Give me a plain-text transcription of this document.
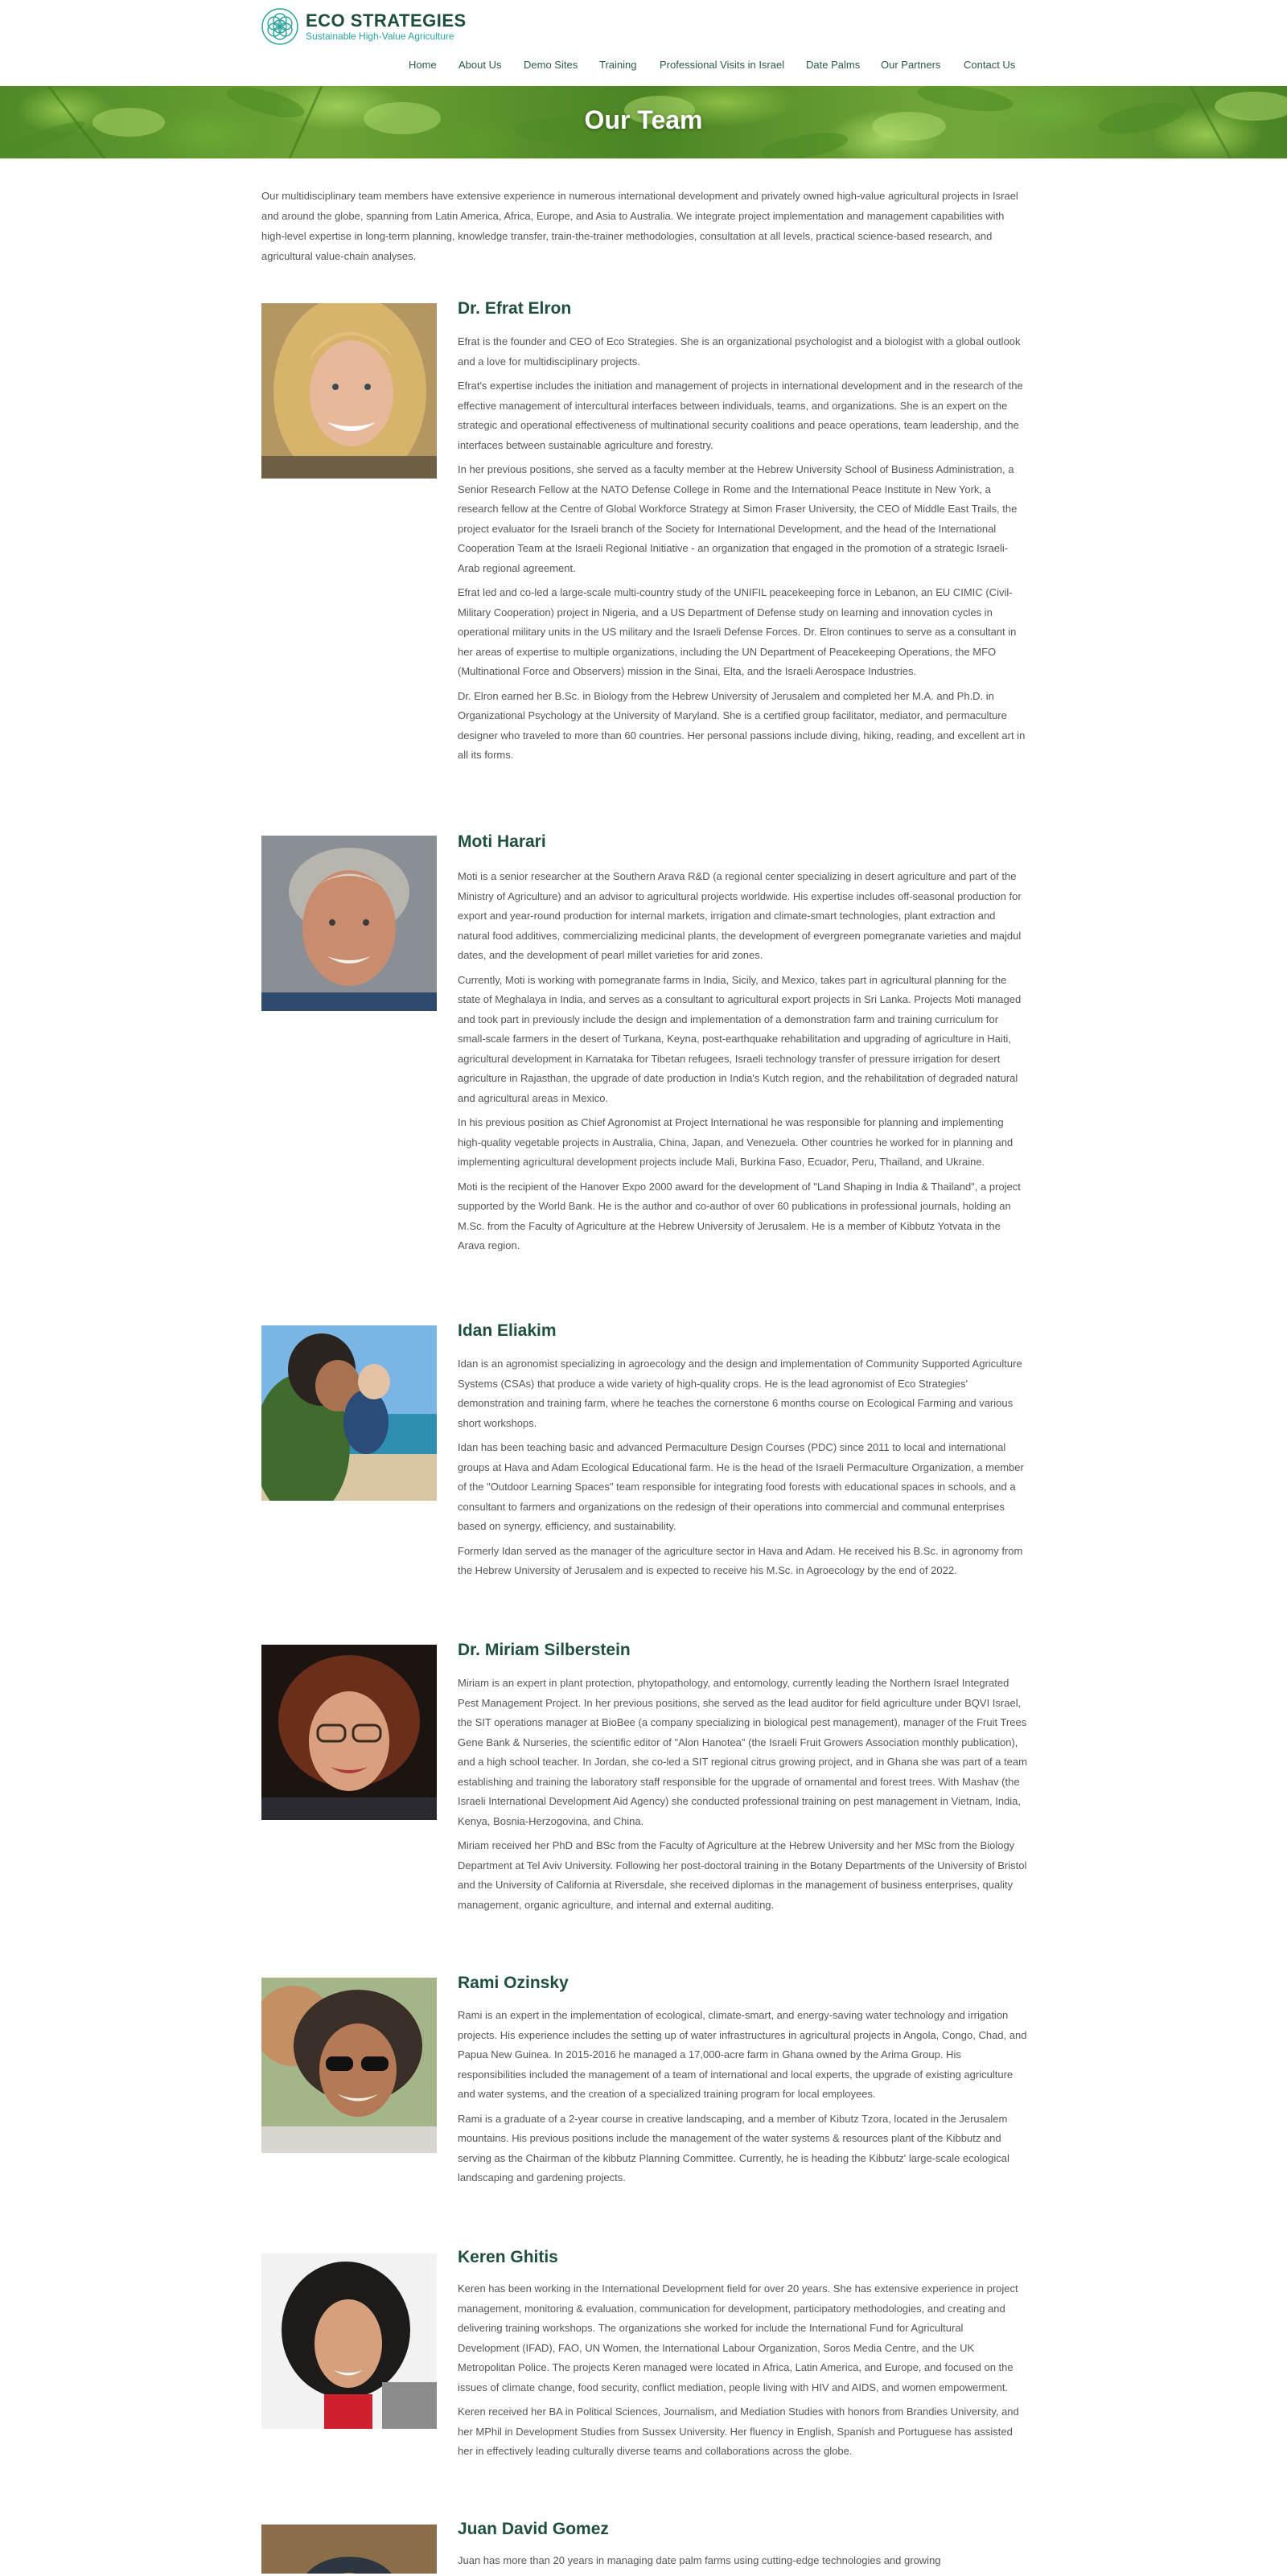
ECO STRATEGIES
Sustainable High-Value Agriculture
Home About Us Demo Sites Training Professional Visits in Israel Date Palms Our Partners Contact Us
Our Team
Our multidisciplinary team members have extensive experience in numerous international development and privately owned high-value agricultural projects in Israel and around the globe, spanning from Latin America, Africa, Europe, and Asia to Australia. We integrate project implementation and management capabilities with high-level expertise in long-term planning, knowledge transfer, train-the-trainer methodologies, consultation at all levels, practical science-based research, and agricultural value-chain analyses.
Dr. Efrat Elron

Efrat is the founder and CEO of Eco Strategies. She is an organizational psychologist and a biologist with a global outlook and a love for multidisciplinary projects.

Efrat's expertise includes the initiation and management of projects in international development and in the research of the effective management of intercultural interfaces between individuals, teams, and organizations. She is an expert on the strategic and operational effectiveness of multinational security coalitions and peace operations, team leadership, and the interfaces between sustainable agriculture and forestry.

In her previous positions, she served as a faculty member at the Hebrew University School of Business Administration, a Senior Research Fellow at the NATO Defense College in Rome and the International Peace Institute in New York, a research fellow at the Centre of Global Workforce Strategy at Simon Fraser University, the CEO of Middle East Trails, the project evaluator for the Israeli branch of the Society for International Development, and the head of the International Cooperation Team at the Israeli Regional Initiative - an organization that engaged in the promotion of a strategic Israeli-Arab regional agreement.

Efrat led and co-led a large-scale multi-country study of the UNIFIL peacekeeping force in Lebanon, an EU CIMIC (Civil-Military Cooperation) project in Nigeria, and a US Department of Defense study on learning and innovation cycles in operational military units in the US military and the Israeli Defense Forces. Dr. Elron continues to serve as a consultant in her areas of expertise to multiple organizations, including the UN Department of Peacekeeping Operations, the MFO (Multinational Force and Observers) mission in the Sinai, Elta, and the Israeli Aerospace Industries.

Dr. Elron earned her B.Sc. in Biology from the Hebrew University of Jerusalem and completed her M.A. and Ph.D. in Organizational Psychology at the University of Maryland. She is a certified group facilitator, mediator, and permaculture designer who traveled to more than 60 countries. Her personal passions include diving, hiking, reading, and excellent art in all its forms.

Moti Harari

Moti is a senior researcher at the Southern Arava R&D (a regional center specializing in desert agriculture and part of the Ministry of Agriculture) and an advisor to agricultural projects worldwide. His expertise includes off-seasonal production for export and year-round production for internal markets, irrigation and climate-smart technologies, plant extraction and natural food additives, commercializing medicinal plants, the development of evergreen pomegranate varieties and majdul dates, and the development of pearl millet varieties for arid zones.

Currently, Moti is working with pomegranate farms in India, Sicily, and Mexico, takes part in agricultural planning for the state of Meghalaya in India, and serves as a consultant to agricultural export projects in Sri Lanka. Projects Moti managed and took part in previously include the design and implementation of a demonstration farm and training curriculum for small-scale farmers in the desert of Turkana, Keyna, post-earthquake rehabilitation and upgrading of agriculture in Haiti, agricultural development in Karnataka for Tibetan refugees, Israeli technology transfer of pressure irrigation for desert agriculture in Rajasthan, the upgrade of date production in India's Kutch region, and the rehabilitation of degraded natural and agricultural areas in Mexico.

In his previous position as Chief Agronomist at Project International he was responsible for planning and implementing high-quality vegetable projects in Australia, China, Japan, and Venezuela. Other countries he worked for in planning and implementing agricultural development projects include Mali, Burkina Faso, Ecuador, Peru, Thailand, and Ukraine.

Moti is the recipient of the Hanover Expo 2000 award for the development of "Land Shaping in India & Thailand", a project supported by the World Bank. He is the author and co-author of over 60 publications in professional journals, holding an M.Sc. from the Faculty of Agriculture at the Hebrew University of Jerusalem. He is a member of Kibbutz Yotvata in the Arava region.

Idan Eliakim

Idan is an agronomist specializing in agroecology and the design and implementation of Community Supported Agriculture Systems (CSAs) that produce a wide variety of high-quality crops. He is the lead agronomist of Eco Strategies' demonstration and training farm, where he teaches the cornerstone 6 months course on Ecological Farming and various short workshops.

Idan has been teaching basic and advanced Permaculture Design Courses (PDC) since 2011 to local and international groups at Hava and Adam Ecological Educational farm. He is the head of the Israeli Permaculture Organization, a member of the "Outdoor Learning Spaces" team responsible for integrating food forests with educational spaces in schools, and a consultant to farmers and organizations on the redesign of their operations into commercial and communal enterprises based on synergy, efficiency, and sustainability.

Formerly Idan served as the manager of the agriculture sector in Hava and Adam. He received his B.Sc. in agronomy from the Hebrew University of Jerusalem and is expected to receive his M.Sc. in Agroecology by the end of 2022.

Dr. Miriam Silberstein

Miriam is an expert in plant protection, phytopathology, and entomology, currently leading the Northern Israel Integrated Pest Management Project. In her previous positions, she served as the lead auditor for field agriculture under BQVI Israel, the SIT operations manager at BioBee (a company specializing in biological pest management), manager of the Fruit Trees Gene Bank & Nurseries, the scientific editor of "Alon Hanotea" (the Israeli Fruit Growers Association monthly publication), and a high school teacher. In Jordan, she co-led a SIT regional citrus growing project, and in Ghana she was part of a team establishing and training the laboratory staff responsible for the upgrade of ornamental and forest trees. With Mashav (the Israeli International Development Aid Agency) she conducted professional training on pest management in Vietnam, India, Kenya, Bosnia-Herzogovina, and China.

Miriam received her PhD and BSc from the Faculty of Agriculture at the Hebrew University and her MSc from the Biology Department at Tel Aviv University. Following her post-doctoral training in the Botany Departments of the University of Bristol and the University of California at Riversdale, she received diplomas in the management of business enterprises, quality management, organic agriculture, and internal and external auditing.

Rami Ozinsky

Rami is an expert in the implementation of ecological, climate-smart, and energy-saving water technology and irrigation projects. His experience includes the setting up of water infrastructures in agricultural projects in Angola, Congo, Chad, and Papua New Guinea. In 2015-2016 he managed a 17,000-acre farm in Ghana owned by the Arima Group. His responsibilities included the management of a team of international and local experts, the upgrade of existing agriculture and water systems, and the creation of a specialized training program for local employees.

Rami is a graduate of a 2-year course in creative landscaping, and a member of Kibutz Tzora, located in the Jerusalem mountains. His previous positions include the management of the water systems & resources plant of the Kibbutz and serving as the Chairman of the kibbutz Planning Committee. Currently, he is heading the Kibbutz' large-scale ecological landscaping and gardening projects.

Keren Ghitis

Keren has been working in the International Development field for over 20 years. She has extensive experience in project management, monitoring & evaluation, communication for development, participatory methodologies, and creating and delivering training workshops. The organizations she worked for include the International Fund for Agricultural Development (IFAD), FAO, UN Women, the International Labour Organization, Soros Media Centre, and the UK Metropolitan Police. The projects Keren managed were located in Africa, Latin America, and Europe, and focused on the issues of climate change, food security, conflict mediation, people living with HIV and AIDS, and women empowerment.

Keren received her BA in Political Sciences, Journalism, and Mediation Studies with honors from Brandies University, and her MPhil in Development Studies from Sussex University. Her fluency in English, Spanish and Portuguese has assisted her in effectively leading culturally diverse teams and collaborations across the globe.

Juan David Gomez

Juan has more than 20 years in managing date palm farms using cutting-edge technologies and growing
